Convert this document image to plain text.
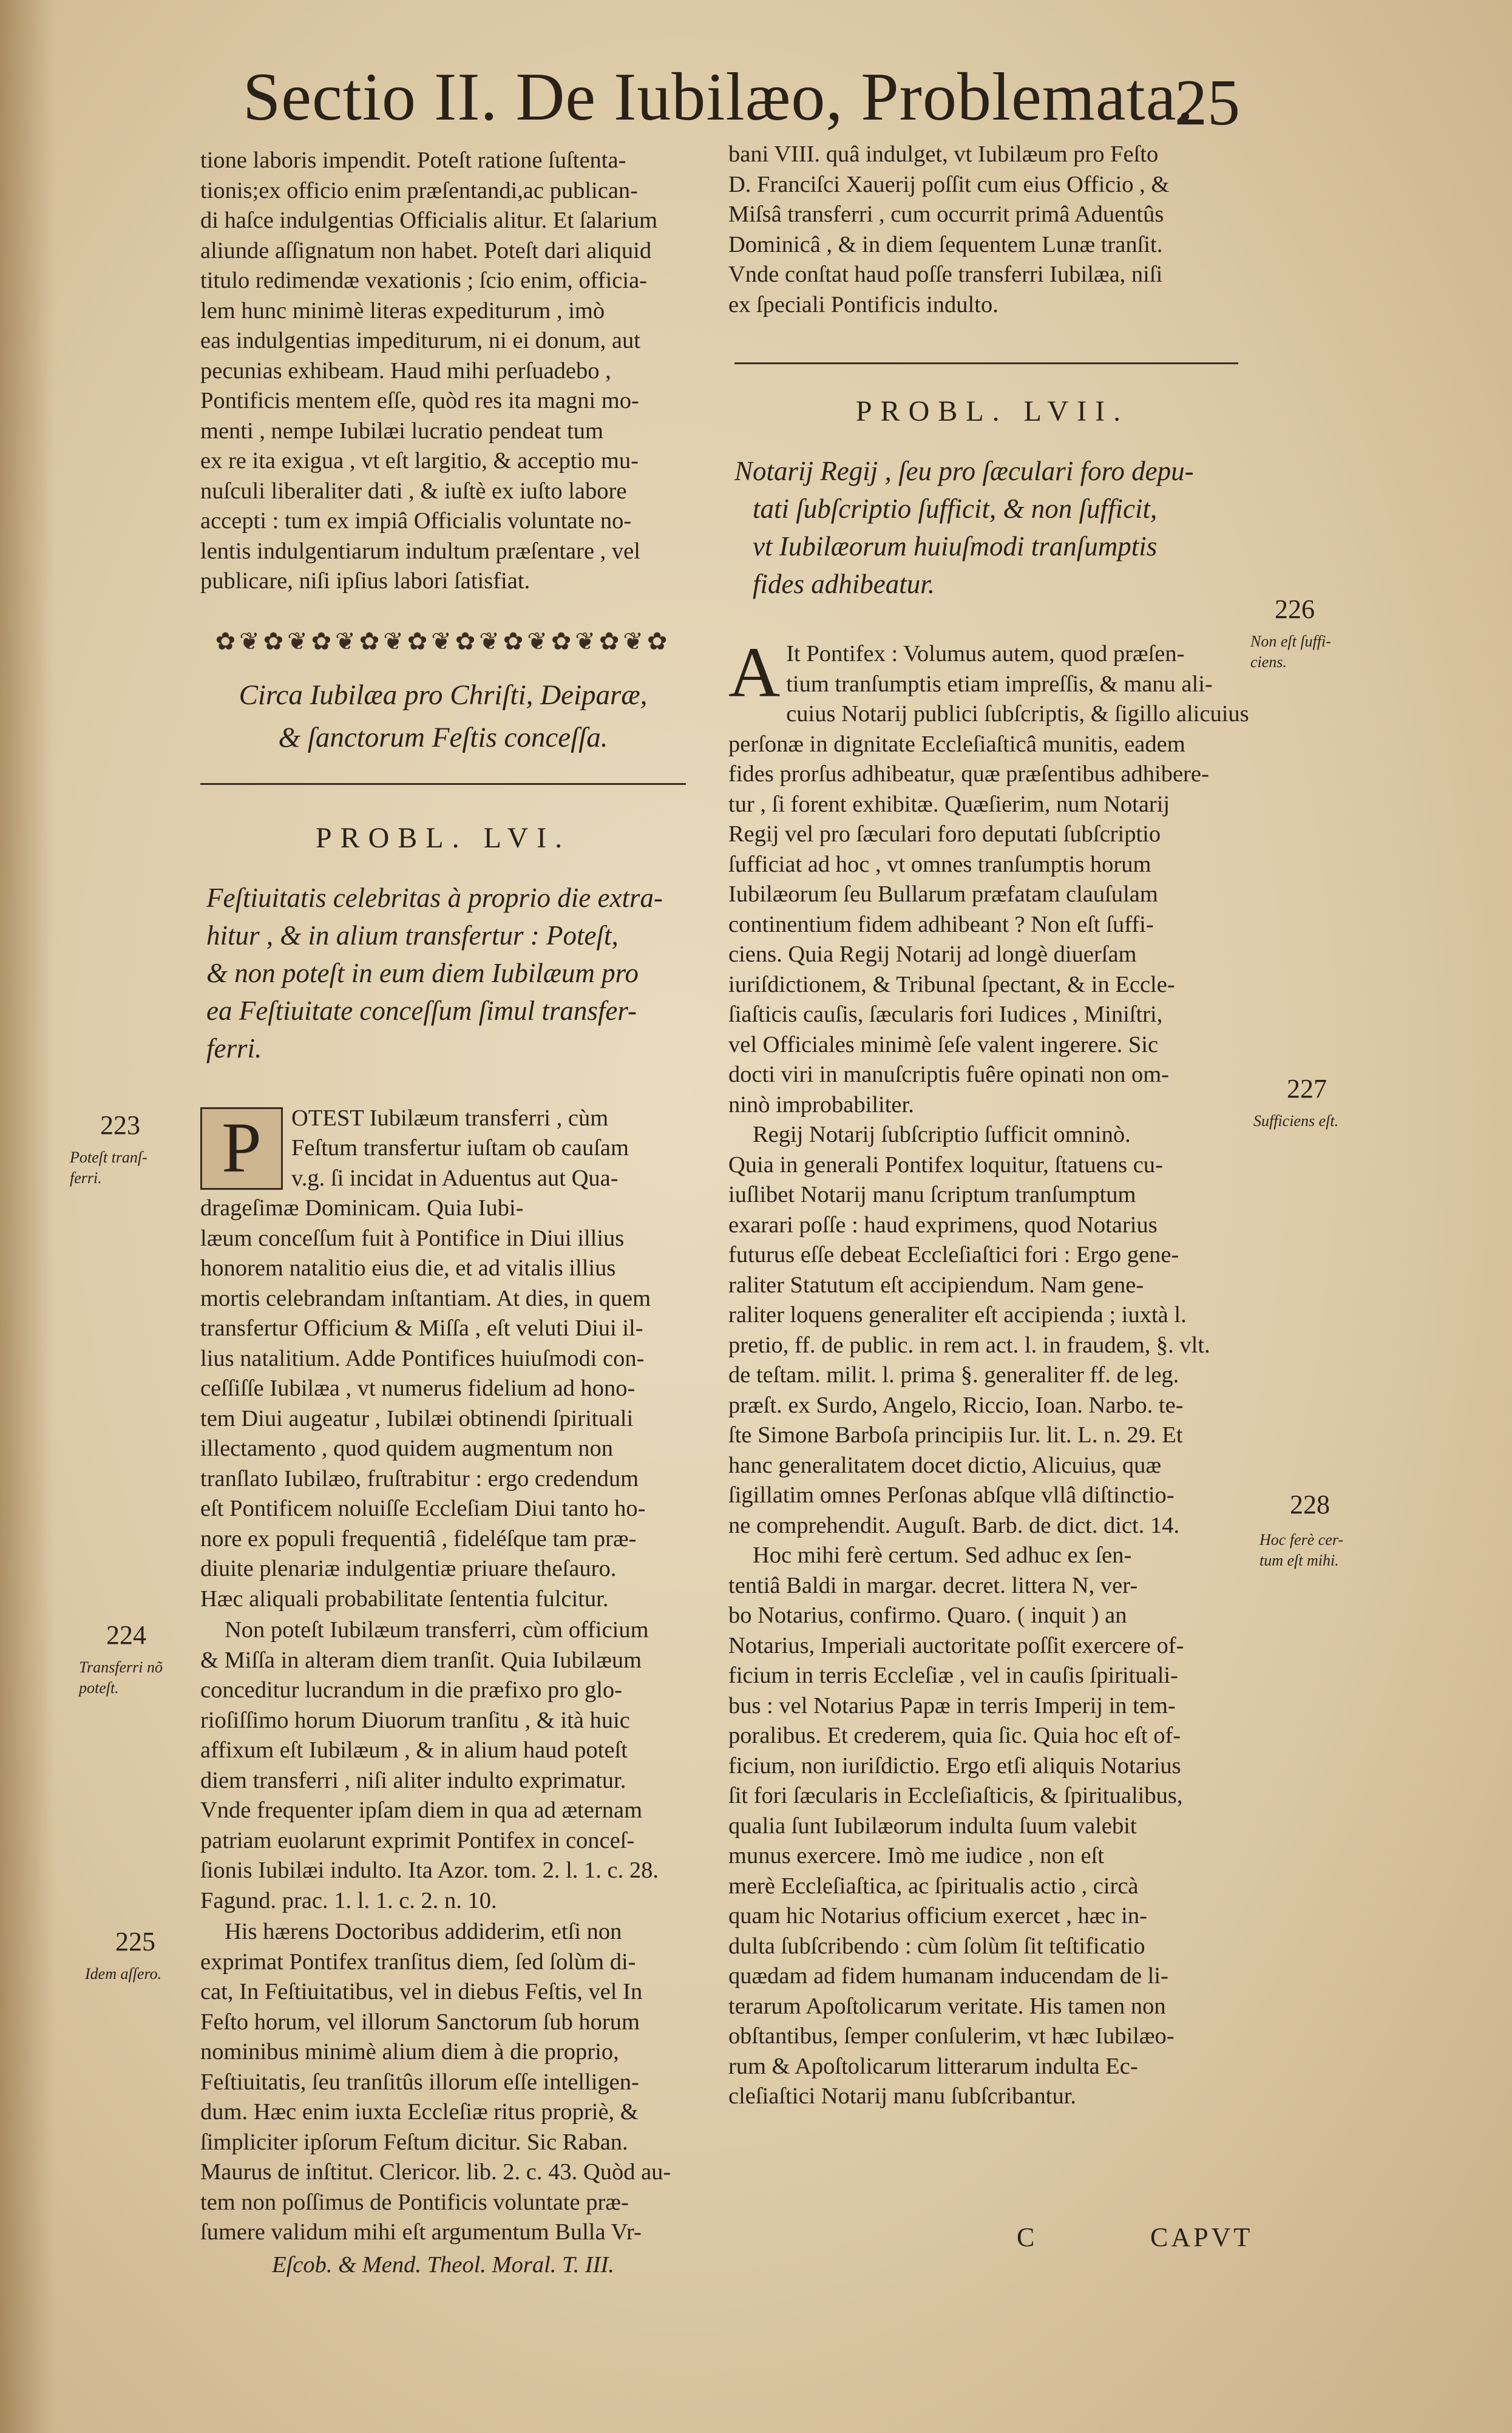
Sectio II. De Iubilæo, Problemata.
25
tione laboris impendit. Poteſt ratione ſuſtenta-
tionis;ex officio enim præſentandi,ac publican-
di haſce indulgentias Officialis alitur. Et ſalarium
aliunde aſſignatum non habet. Poteſt dari aliquid
titulo redimendæ vexationis ; ſcio enim, officia-
lem hunc minimè literas expediturum , imò
eas indulgentias impediturum, ni ei donum, aut
pecunias exhibeam. Haud mihi perſuadebo ,
Pontificis mentem eſſe, quòd res ita magni mo-
menti , nempe Iubilæi lucratio pendeat tum
ex re ita exigua , vt eſt largitio, & acceptio mu-
nuſculi liberaliter dati , & iuſtè ex iuſto labore
accepti : tum ex impiâ Officialis voluntate no-
lentis indulgentiarum indultum præſentare , vel
publicare, niſi ipſius labori ſatisfiat.
✿❦✿❦✿❦✿❦✿❦✿❦✿❦✿❦✿❦✿
Circa Iubilæa pro Chriſti, Deiparæ,
& ſanctorum Feſtis conceſſa.
PROBL. LVI.
Feſtiuitatis celebritas à proprio die extra-
hitur , & in alium transfertur : Poteſt,
& non poteſt in eum diem Iubilæum pro
ea Feſtiuitate conceſſum ſimul transfer-
ferri.
P	OTEST Iubilæum transferri , cùm
Feſtum transfertur iuſtam ob cauſam
v.g. ſi incidat in Aduentus aut Qua-
drageſimæ Dominicam. Quia Iubi-
læum conceſſum fuit à Pontifice in Diui illius
honorem natalitio eius die, et ad vitalis illius
mortis celebrandam inſtantiam. At dies, in quem
transfertur Officium & Miſſa , eſt veluti Diui il-
lius natalitium. Adde Pontifices huiuſmodi con-
ceſſiſſe Iubilæa , vt numerus fidelium ad hono-
tem Diui augeatur , Iubilæi obtinendi ſpirituali
illectamento , quod quidem augmentum non
tranſlato Iubilæo, fruſtrabitur : ergo credendum
eſt Pontificem noluiſſe Eccleſiam Diui tanto ho-
nore ex populi frequentiâ , fideléſque tam præ-
diuite plenariæ indulgentiæ priuare theſauro.
Hæc aliquali probabilitate ſententia fulcitur.
Non poteſt Iubilæum transferri, cùm officium
& Miſſa in alteram diem tranſit. Quia Iubilæum
conceditur lucrandum in die præfixo pro glo-
rioſiſſimo horum Diuorum tranſitu , & ità huic
affixum eſt Iubilæum , & in alium haud poteſt
diem transferri , niſi aliter indulto exprimatur.
Vnde frequenter ipſam diem in qua ad æternam
patriam euolarunt exprimit Pontifex in conceſ-
ſionis Iubilæi indulto. Ita Azor. tom. 2. l. 1. c. 28.
Fagund. prac. 1. l. 1. c. 2. n. 10.
His hærens Doctoribus addiderim, etſi non
exprimat Pontifex tranſitus diem, ſed ſolùm di-
cat, In Feſtiuitatibus, vel in diebus Feſtis, vel In
Feſto horum, vel illorum Sanctorum ſub horum
nominibus minimè alium diem à die proprio,
Feſtiuitatis, ſeu tranſitûs illorum eſſe intelligen-
dum. Hæc enim iuxta Eccleſiæ ritus propriè, &
ſimpliciter ipſorum Feſtum dicitur. Sic Raban.
Maurus de inſtitut. Clericor. lib. 2. c. 43. Quòd au-
tem non poſſimus de Pontificis voluntate præ-
ſumere validum mihi eſt argumentum Bulla Vr-
Eſcob. & Mend. Theol. Moral. T. III.
bani VIII. quâ indulget, vt Iubilæum pro Feſto
D. Franciſci Xauerij poſſit cum eius Officio , &
Miſsâ transferri , cum occurrit primâ Aduentûs
Dominicâ , & in diem ſequentem Lunæ tranſit.
Vnde conſtat haud poſſe transferri Iubilæa, niſi
ex ſpeciali Pontificis indulto.
PROBL. LVII.
Notarij Regij , ſeu pro ſæculari foro depu-
tati ſubſcriptio ſufficit, & non ſufficit,
vt Iubilæorum huiuſmodi tranſumptis
fides adhibeatur.
A It Pontifex : Volumus autem, quod præſen-
tium tranſumptis etiam impreſſis, & manu ali-
cuius Notarij publici ſubſcriptis, & ſigillo alicuius
perſonæ in dignitate Eccleſiaſticâ munitis, eadem
fides prorſus adhibeatur, quæ præſentibus adhibere-
tur , ſi forent exhibitæ. Quæſierim, num Notarij
Regij vel pro ſæculari foro deputati ſubſcriptio
ſufficiat ad hoc , vt omnes tranſumptis horum
Iubilæorum ſeu Bullarum præfatam clauſulam
continentium fidem adhibeant ? Non eſt ſuffi-
ciens. Quia Regij Notarij ad longè diuerſam
iuriſdictionem, & Tribunal ſpectant, & in Eccle-
ſiaſticis cauſis, ſæcularis fori Iudices , Miniſtri,
vel Officiales minimè ſeſe valent ingerere. Sic
docti viri in manuſcriptis fuêre opinati non om-
ninò improbabiliter.
Regij Notarij ſubſcriptio ſufficit omninò.
Quia in generali Pontifex loquitur, ſtatuens cu-
iuſlibet Notarij manu ſcriptum tranſumptum
exarari poſſe : haud exprimens, quod Notarius
futurus eſſe debeat Eccleſiaſtici fori : Ergo gene-
raliter Statutum eſt accipiendum. Nam gene-
raliter loquens generaliter eſt accipienda ; iuxtà l.
pretio, ff. de public. in rem act. l. in fraudem, §. vlt.
de teſtam. milit. l. prima §. generaliter ff. de leg.
præſt. ex Surdo, Angelo, Riccio, Ioan. Narbo. te-
ſte Simone Barboſa principiis Iur. lit. L. n. 29. Et
hanc generalitatem docet dictio, Alicuius, quæ
ſigillatim omnes Perſonas abſque vllâ diſtinctio-
ne comprehendit. Auguſt. Barb. de dict. dict. 14.
Hoc mihi ferè certum. Sed adhuc ex ſen-
tentiâ Baldi in margar. decret. littera N, ver-
bo Notarius, confirmo. Quaro. ( inquit ) an
Notarius, Imperiali auctoritate poſſit exercere of-
ficium in terris Eccleſiæ , vel in cauſis ſpirituali-
bus : vel Notarius Papæ in terris Imperij in tem-
poralibus. Et crederem, quia ſic. Quia hoc eſt of-
ficium, non iuriſdictio. Ergo etſi aliquis Notarius
ſit fori ſæcularis in Eccleſiaſticis, & ſpiritualibus,
qualia ſunt Iubilæorum indulta ſuum valebit
munus exercere. Imò me iudice , non eſt
merè Eccleſiaſtica, ac ſpiritualis actio , circà
quam hic Notarius officium exercet , hæc in-
dulta ſubſcribendo : cùm ſolùm ſit teſtificatio
quædam ad fidem humanam inducendam de li-
terarum Apoſtolicarum veritate. His tamen non
obſtantibus, ſemper conſulerim, vt hæc Iubilæo-
rum & Apoſtolicarum litterarum indulta Ec-
cleſiaſtici Notarij manu ſubſcribantur.
223
Poteſt tranſ-
ferri.
224
Transferri nõ
poteſt.
225
Idem aſſero.
226
Non eſt ſuffi-
ciens.
227
Sufficiens eſt.
228
Hoc ferè cer-
tum eſt mihi.
C	CAPVT
